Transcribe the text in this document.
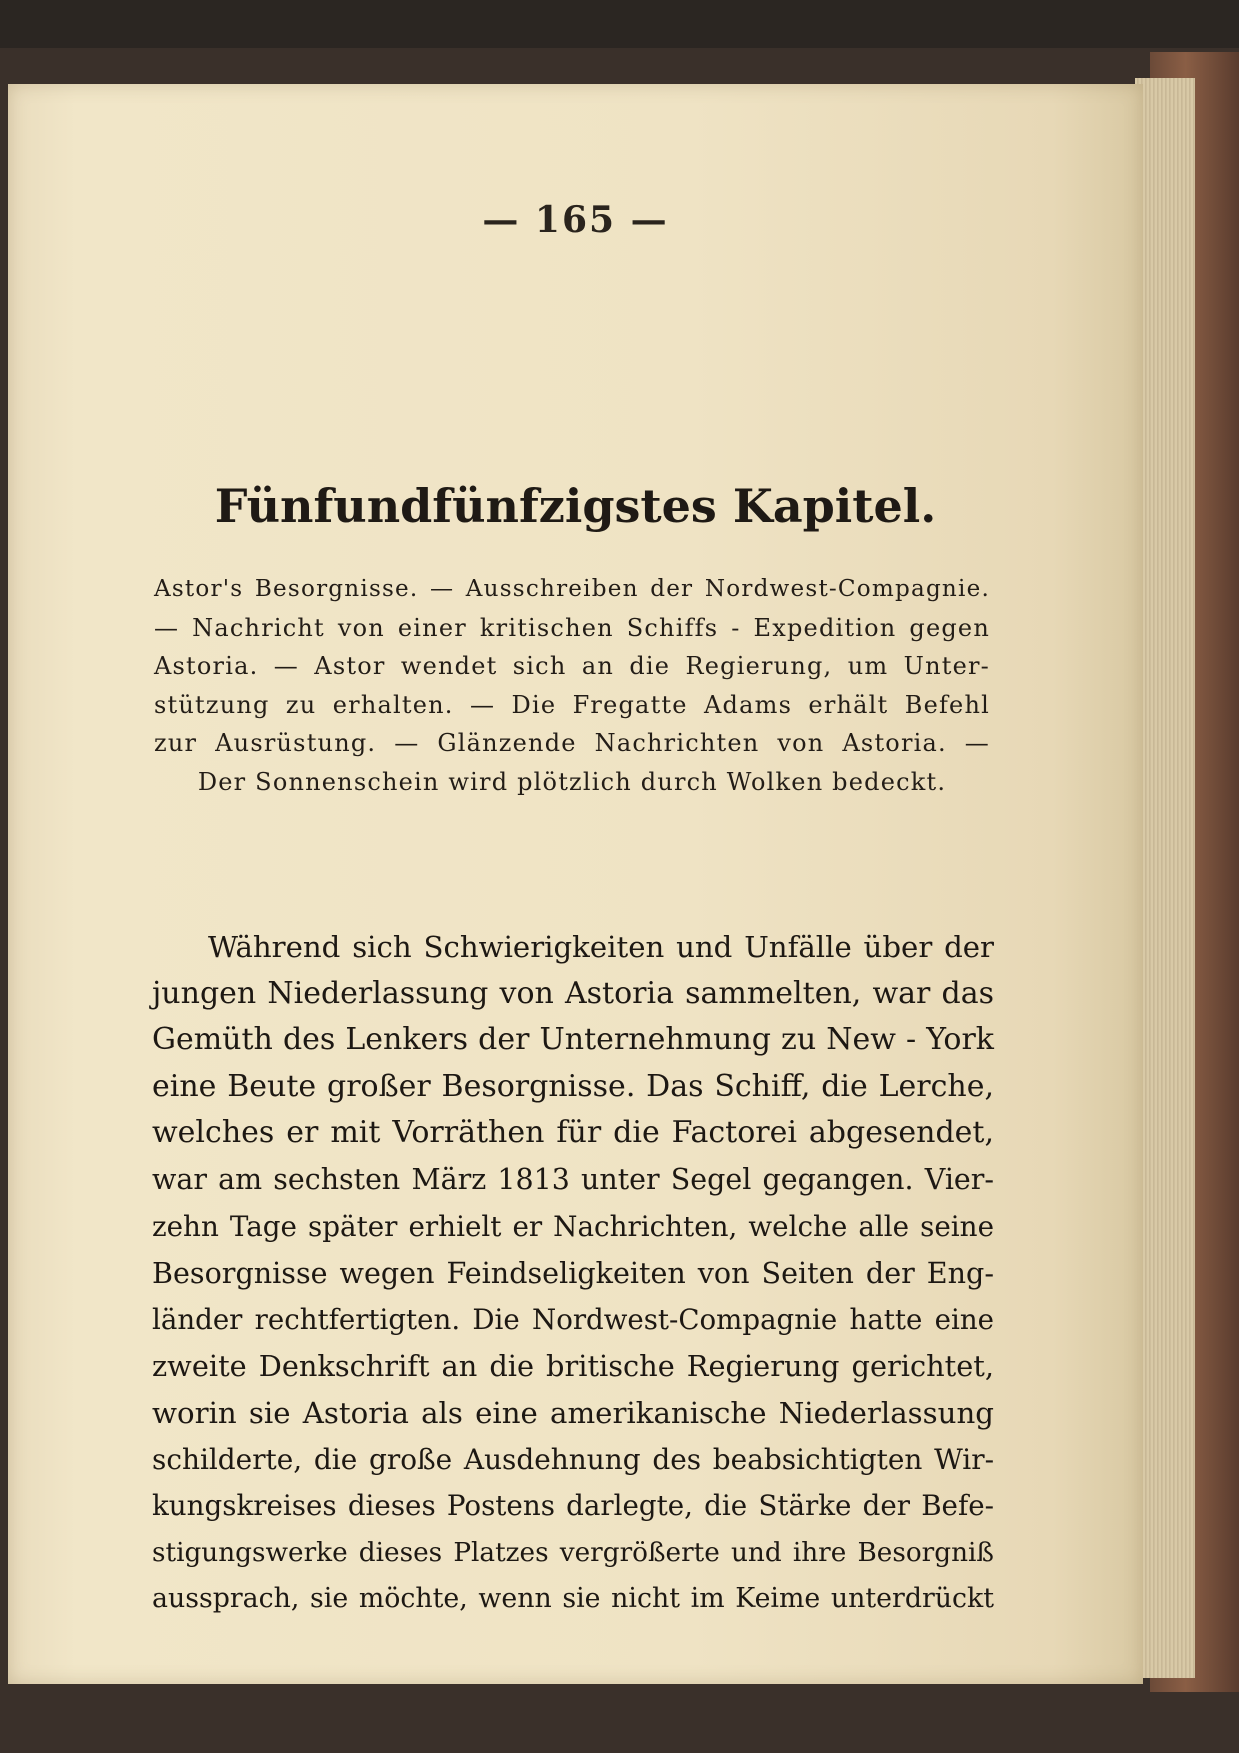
— 165 —
Fünfundfünfzigstes Kapitel.
Astor's Besorgnisse. — Ausschreiben der Nordwest-Compagnie.
— Nachricht von einer kritischen Schiffs - Expedition gegen
Astoria. — Astor wendet sich an die Regierung, um Unter-
stützung zu erhalten. — Die Fregatte Adams erhält Befehl
zur Ausrüstung. — Glänzende Nachrichten von Astoria. —
Der Sonnenschein wird plötzlich durch Wolken bedeckt.
Während sich Schwierigkeiten und Unfälle über der
jungen Niederlassung von Astoria sammelten, war das
Gemüth des Lenkers der Unternehmung zu New - York
eine Beute großer Besorgnisse. Das Schiff, die Lerche,
welches er mit Vorräthen für die Factorei abgesendet,
war am sechsten März 1813 unter Segel gegangen. Vier-
zehn Tage später erhielt er Nachrichten, welche alle seine
Besorgnisse wegen Feindseligkeiten von Seiten der Eng-
länder rechtfertigten. Die Nordwest-Compagnie hatte eine
zweite Denkschrift an die britische Regierung gerichtet,
worin sie Astoria als eine amerikanische Niederlassung
schilderte, die große Ausdehnung des beabsichtigten Wir-
kungskreises dieses Postens darlegte, die Stärke der Befe-
stigungswerke dieses Platzes vergrößerte und ihre Besorgniß
aussprach, sie möchte, wenn sie nicht im Keime unterdrückt
